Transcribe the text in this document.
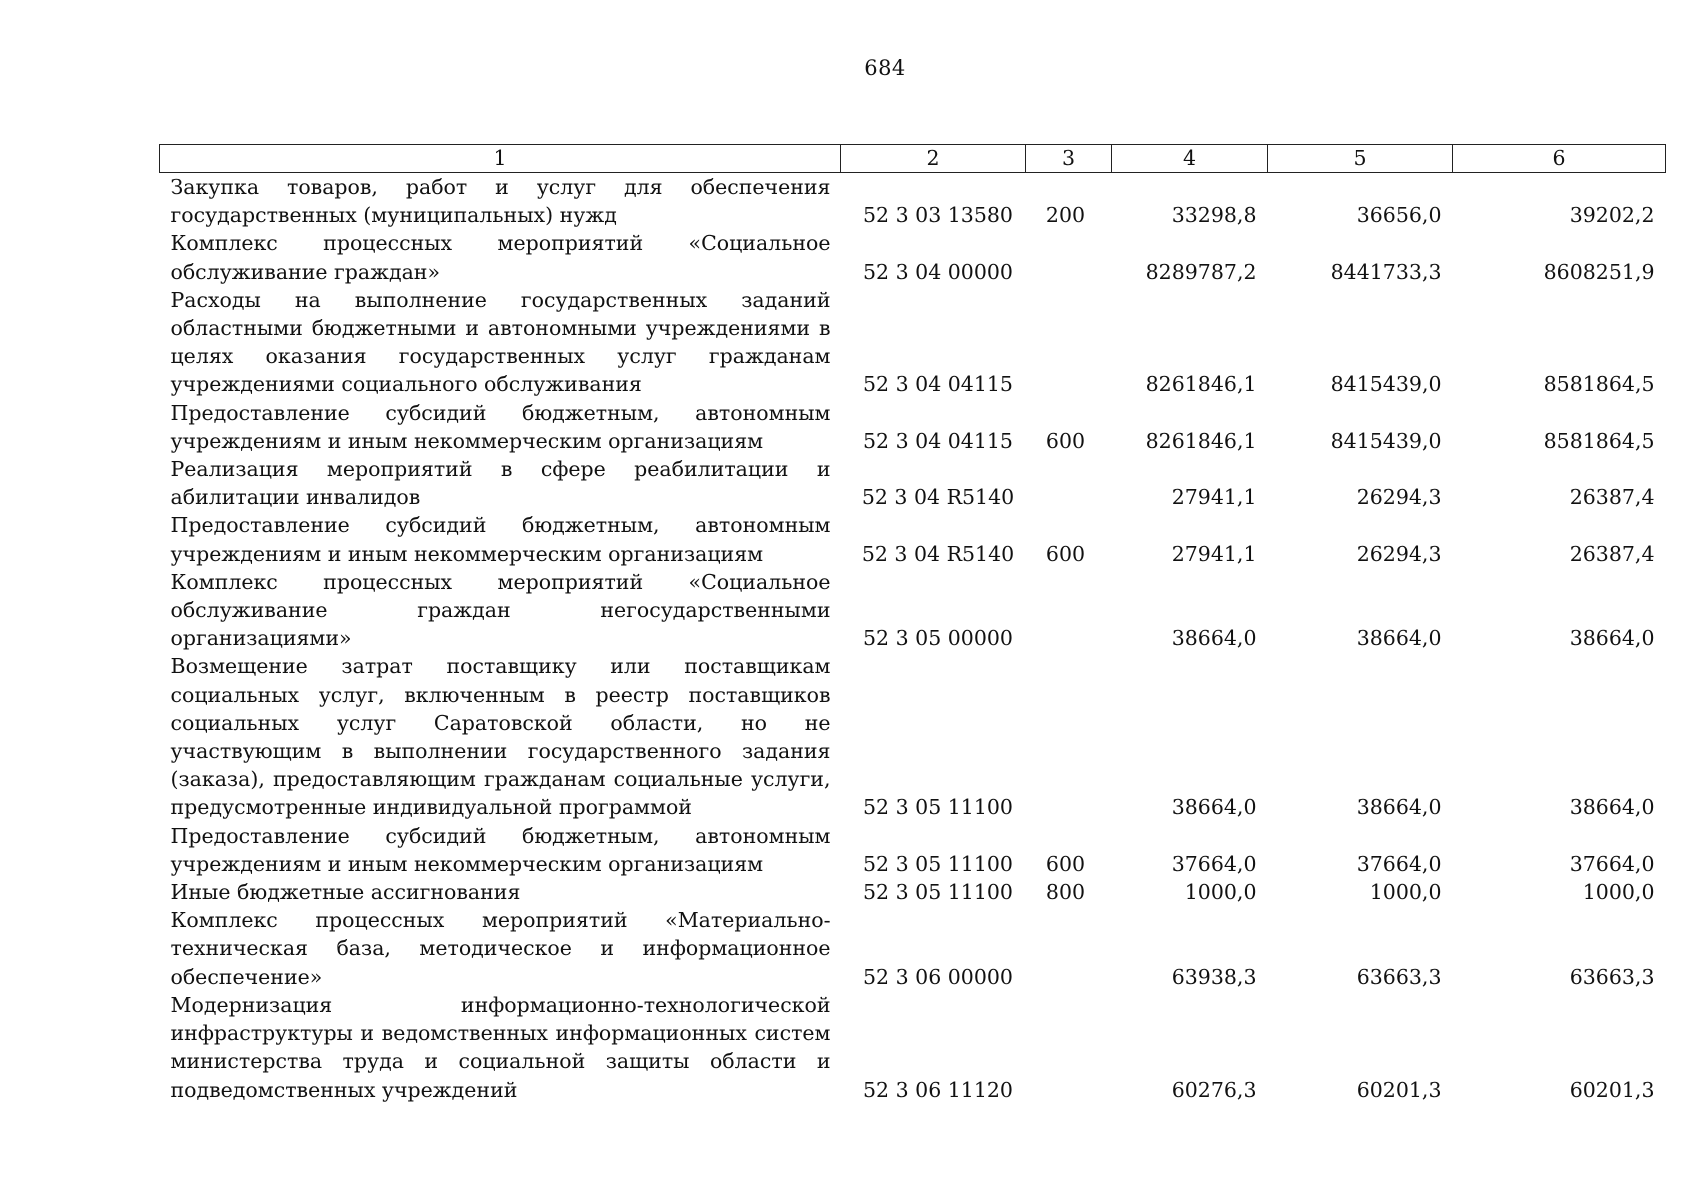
684
1	2	3	4	5	6
Закупка товаров, работ и услуг для обеспечения государственных (муниципальных) нужд	52 3 03 13580	200	33298,8	36656,0	39202,2
Комплекс процессных мероприятий «Социальное обслуживание граждан»	52 3 04 00000		8289787,2	8441733,3	8608251,9
Расходы на выполнение государственных заданий областными бюджетными и автономными учреждениями в целях оказания государственных услуг гражданам учреждениями социального обслуживания	52 3 04 04115		8261846,1	8415439,0	8581864,5
Предоставление субсидий бюджетным, автономным учреждениям и иным некоммерческим организациям	52 3 04 04115	600	8261846,1	8415439,0	8581864,5
Реализация мероприятий в сфере реабилитации и абилитации инвалидов	52 3 04 R5140		27941,1	26294,3	26387,4
Предоставление субсидий бюджетным, автономным учреждениям и иным некоммерческим организациям	52 3 04 R5140	600	27941,1	26294,3	26387,4
Комплекс процессных мероприятий «Социальное обслуживание граждан негосударственными организациями»	52 3 05 00000		38664,0	38664,0	38664,0
Возмещение затрат поставщику или поставщикам социальных услуг, включенным в реестр поставщиков социальных услуг Саратовской области, но не участвующим в выполнении государственного задания (заказа), предоставляющим гражданам социальные услуги, предусмотренные индивидуальной программой	52 3 05 11100		38664,0	38664,0	38664,0
Предоставление субсидий бюджетным, автономным учреждениям и иным некоммерческим организациям	52 3 05 11100	600	37664,0	37664,0	37664,0
Иные бюджетные ассигнования	52 3 05 11100	800	1000,0	1000,0	1000,0
Комплекс процессных мероприятий «Материально-техническая база, методическое и информационное обеспечение»	52 3 06 00000		63938,3	63663,3	63663,3
Модернизация информационно-технологической инфраструктуры и ведомственных информационных систем министерства труда и социальной защиты области и подведомственных учреждений	52 3 06 11120		60276,3	60201,3	60201,3
